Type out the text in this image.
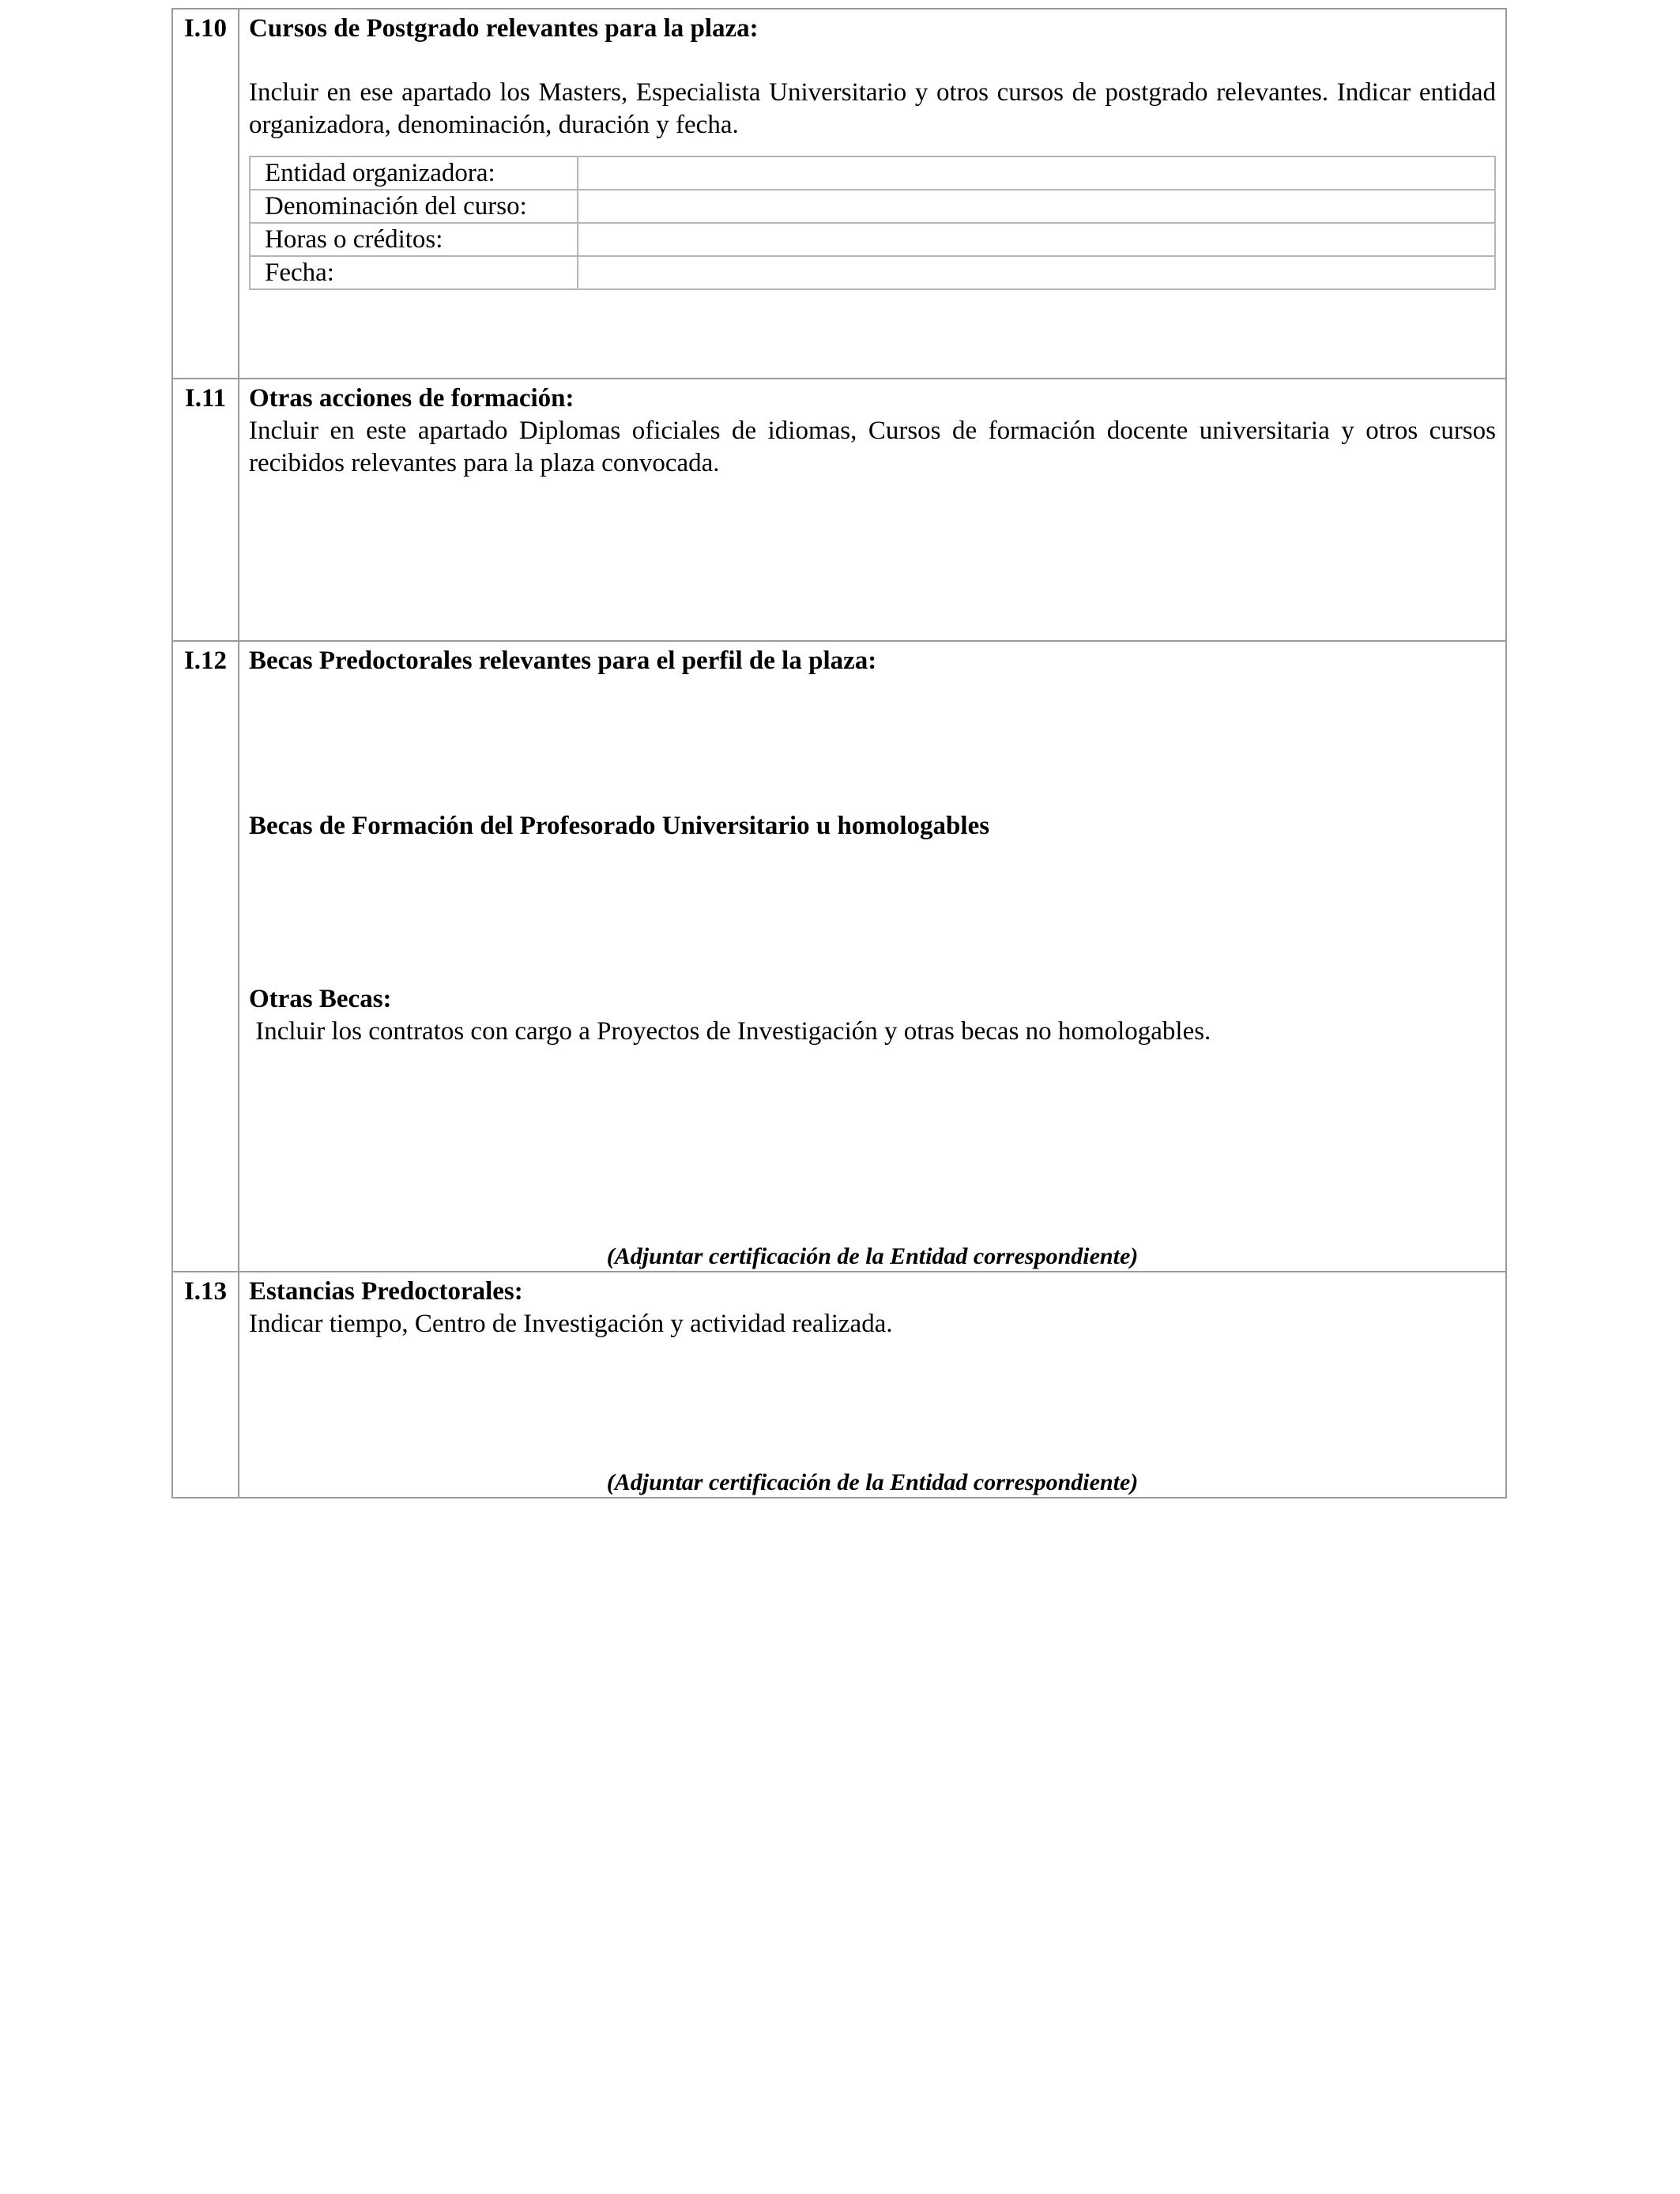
I.10	Cursos de Postgrado relevantes para la plaza:
Incluir en ese apartado los Masters, Especialista Universitario y otros cursos de postgrado relevantes. Indicar entidad organizadora, denominación, duración y fecha.
Entidad organizadora:	
Denominación del curso:	
Horas o créditos:	
Fecha:	

I.11	Otras acciones de formación:
Incluir en este apartado Diplomas oficiales de idiomas, Cursos de formación docente universitaria y otros cursos recibidos relevantes para la plaza convocada.

I.12	Becas Predoctorales relevantes para el perfil de la plaza:
Becas de Formación del Profesorado Universitario u homologables
Otras Becas:
Incluir los contratos con cargo a Proyectos de Investigación y otras becas no homologables.
(Adjuntar certificación de la Entidad correspondiente)

I.13	Estancias Predoctorales:
Indicar tiempo, Centro de Investigación y actividad realizada.
(Adjuntar certificación de la Entidad correspondiente)
